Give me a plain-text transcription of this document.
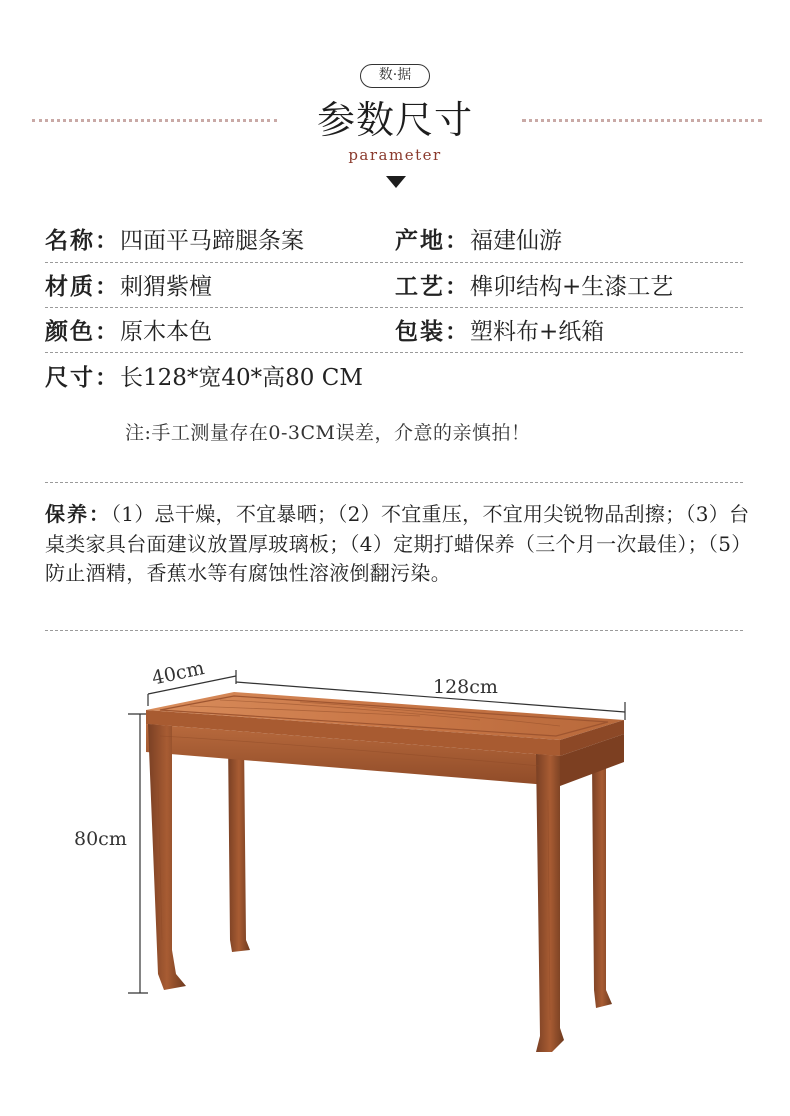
数·据
参数尺寸
parameter
名称：四面平马蹄腿条案	产地：福建仙游
材质：刺猬紫檀	工艺：榫卯结构+生漆工艺
颜色：原木本色	包装：塑料布+纸箱
尺寸：长128*宽40*高80 CM
注:手工测量存在0-3CM误差，介意的亲慎拍！
保养：（1）忌干燥，不宜暴晒；（2）不宜重压，不宜用尖锐物品刮擦；（3）台桌类家具台面建议放置厚玻璃板；（4）定期打蜡保养（三个月一次最佳）；（5）防止酒精，香蕉水等有腐蚀性溶液倒翻污染。
40cm	128cm
80cm
